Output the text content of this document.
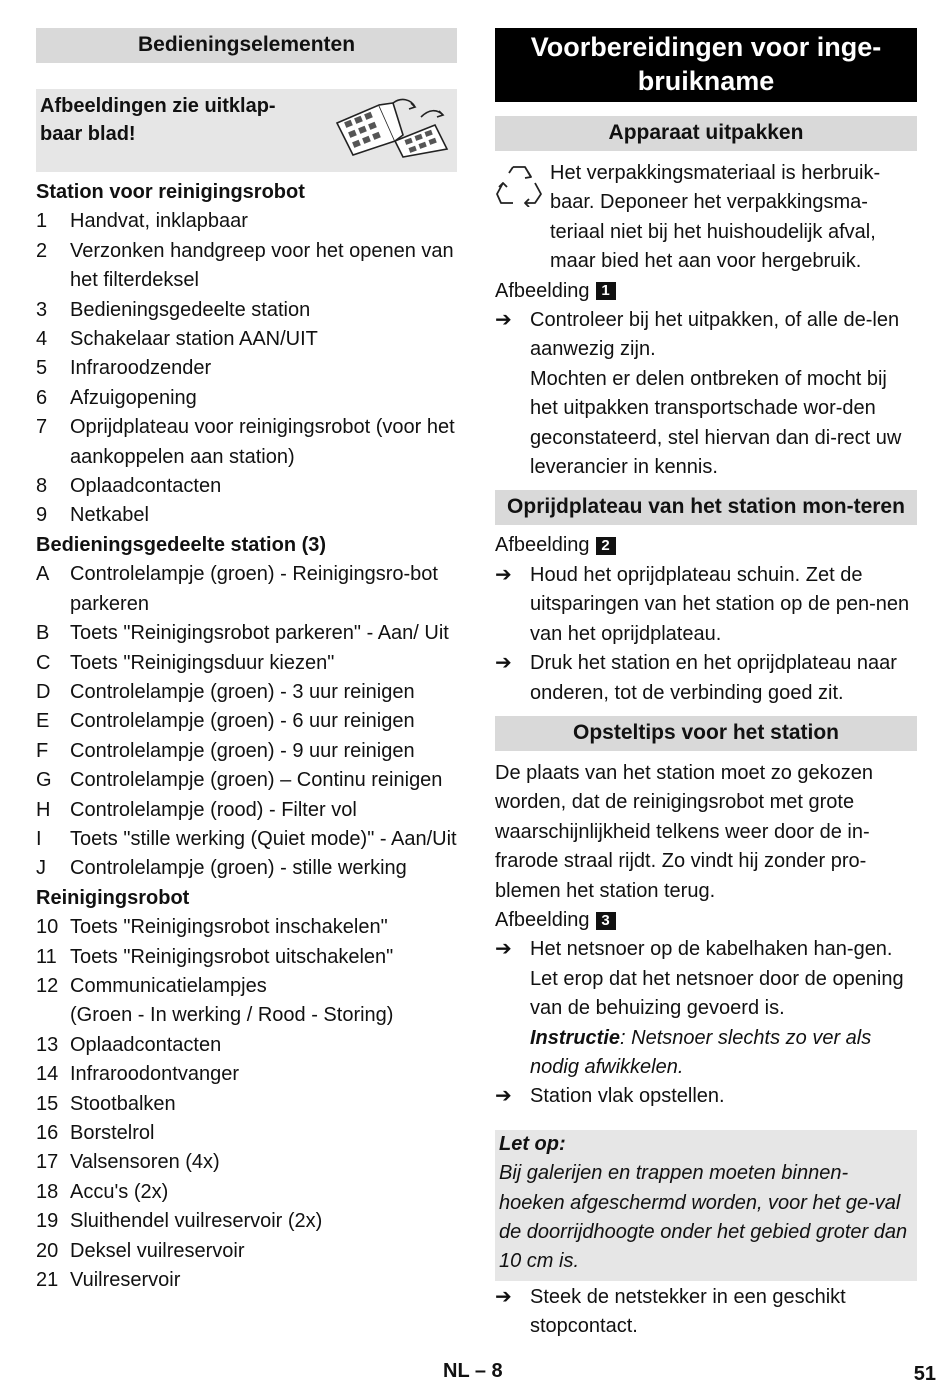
Bedieningselementen
Afbeeldingen zie uitklap-
baar blad!
Station voor reinigingsrobot
1	Handvat, inklapbaar
2	Verzonken handgreep voor het openen van het filterdeksel
3	Bedieningsgedeelte station
4	Schakelaar station AAN/UIT
5	Infraroodzender
6	Afzuigopening
7	Oprijdplateau voor reinigingsrobot (voor het aankoppelen aan station)
8	Oplaadcontacten
9	Netkabel
Bedieningsgedeelte station (3)
A	Controlelampje (groen) - Reinigingsro-bot parkeren
B	Toets "Reinigingsrobot parkeren" - Aan/ Uit
C Toets "Reinigingsduur kiezen"
D Controlelampje (groen) - 3 uur reinigen
E	Controlelampje (groen) - 6 uur reinigen
F	Controlelampje (groen) - 9 uur reinigen
G Controlelampje (groen) – Continu reinigen
H Controlelampje (rood) - Filter vol
I	Toets "stille werking (Quiet mode)" - Aan/Uit
J	Controlelampje (groen) - stille werking
Reinigingsrobot
10 Toets "Reinigingsrobot inschakelen"
11 Toets "Reinigingsrobot uitschakelen"
12 Communicatielampjes
(Groen - In werking / Rood - Storing)
13 Oplaadcontacten
14 Infraroodontvanger
15 Stootbalken
16 Borstelrol
17 Valsensoren (4x)
18 Accu's (2x)
19 Sluithendel vuilreservoir (2x)
20 Deksel vuilreservoir
21 Vuilreservoir
Voorbereidingen voor inge-bruikname
Apparaat uitpakken
Het verpakkingsmateriaal is herbruik-baar. Deponeer het verpakkingsma-teriaal niet bij het huishoudelijk afval, maar bied het aan voor hergebruik.
Afbeelding 1
➔ Controleer bij het uitpakken, of alle de-len aanwezig zijn.
Mochten er delen ontbreken of mocht bij het uitpakken transportschade wor-den geconstateerd, stel hiervan dan di-rect uw leverancier in kennis.
Oprijdplateau van het station mon-teren
Afbeelding 2
➔ Houd het oprijdplateau schuin. Zet de uitsparingen van het station op de pen-nen van het oprijdplateau.
➔ Druk het station en het oprijdplateau naar onderen, tot de verbinding goed zit.
Opsteltips voor het station
De plaats van het station moet zo gekozen worden, dat de reinigingsrobot met grote waarschijnlijkheid telkens weer door de in-frarode straal rijdt. Zo vindt hij zonder pro-blemen het station terug.
Afbeelding 3
➔ Het netsnoer op de kabelhaken han-gen. Let erop dat het netsnoer door de opening van de behuizing gevoerd is.
Instructie: Netsnoer slechts zo ver als nodig afwikkelen.
➔ Station vlak opstellen.
Let op:
Bij galerijen en trappen moeten binnen-hoeken afgeschermd worden, voor het ge-val de doorrijdhoogte onder het gebied groter dan 10 cm is.
➔ Steek de netstekker in een geschikt stopcontact.
NL – 8	51
